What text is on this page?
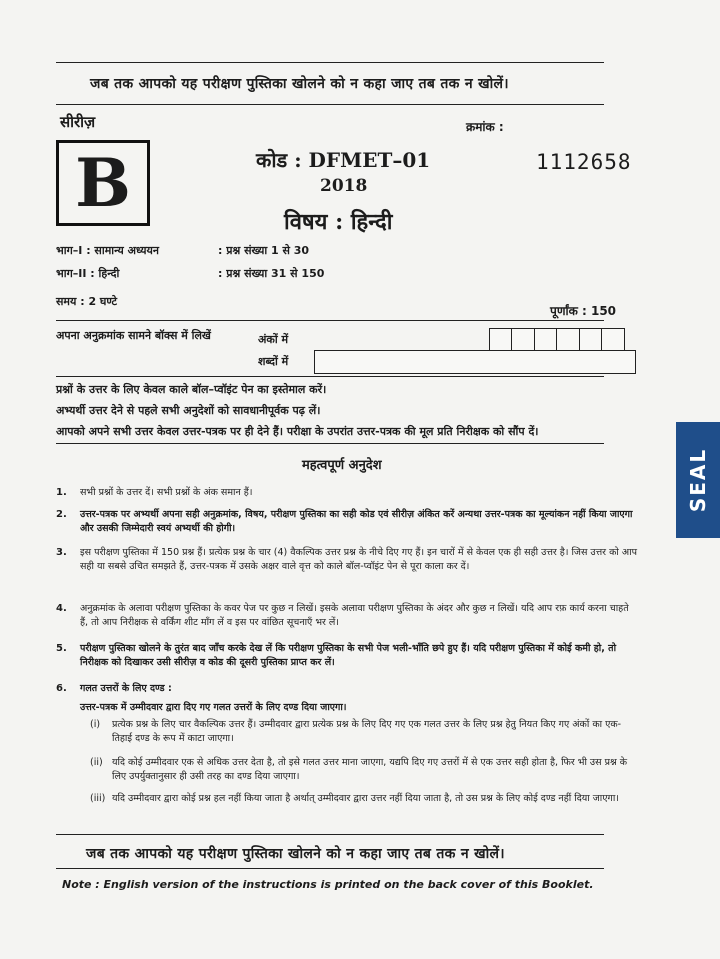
जब तक आपको यह परीक्षण पुस्तिका खोलने को न कहा जाए तब तक न खोलें।
सीरीज़
B
क्रमांक :
1112658
कोड : DFMET–01
2018
विषय : हिन्दी
भाग–I : सामान्य अध्ययन	: प्रश्न संख्या 1 से 30
भाग–II : हिन्दी	: प्रश्न संख्या 31 से 150
समय : 2 घण्टे
पूर्णांक : 150
अपना अनुक्रमांक सामने बॉक्स में लिखें	अंकों में
शब्दों में
प्रश्नों के उत्तर के लिए केवल काले बॉल–प्वॉइंट पेन का इस्तेमाल करें।
अभ्यर्थी उत्तर देने से पहले सभी अनुदेशों को सावधानीपूर्वक पढ़ लें।
आपको अपने सभी उत्तर केवल उत्तर-पत्रक पर ही देने हैं। परीक्षा के उपरांत उत्तर-पत्रक की मूल प्रति निरीक्षक को सौंप दें।
महत्वपूर्ण अनुदेश
1. सभी प्रश्नों के उत्तर दें। सभी प्रश्नों के अंक समान हैं।
2. उत्तर-पत्रक पर अभ्यर्थी अपना सही अनुक्रमांक, विषय, परीक्षण पुस्तिका का सही कोड एवं सीरीज़ अंकित करें अन्यथा उत्तर-पत्रक का मूल्यांकन नहीं किया जाएगा और उसकी जिम्मेदारी स्वयं अभ्यर्थी की होगी।
3. इस परीक्षण पुस्तिका में 150 प्रश्न हैं। प्रत्येक प्रश्न के चार (4) वैकल्पिक उत्तर प्रश्न के नीचे दिए गए हैं। इन चारों में से केवल एक ही सही उत्तर है। जिस उत्तर को आप सही या सबसे उचित समझते हैं, उत्तर-पत्रक में उसके अक्षर वाले वृत्त को काले बॉल-प्वॉइंट पेन से पूरा काला कर दें।
4. अनुक्रमांक के अलावा परीक्षण पुस्तिका के कवर पेज पर कुछ न लिखें। इसके अलावा परीक्षण पुस्तिका के अंदर और कुछ न लिखें। यदि आप रफ़ कार्य करना चाहते हैं, तो आप निरीक्षक से वर्किंग शीट माँग लें व इस पर वांछित सूचनाएँ भर लें।
5. परीक्षण पुस्तिका खोलने के तुरंत बाद जाँच करके देख लें कि परीक्षण पुस्तिका के सभी पेज भली-भाँति छपे हुए हैं। यदि परीक्षण पुस्तिका में कोई कमी हो, तो निरीक्षक को दिखाकर उसी सीरीज़ व कोड की दूसरी पुस्तिका प्राप्त कर लें।
6. गलत उत्तरों के लिए दण्ड :
उत्तर-पत्रक में उम्मीदवार द्वारा दिए गए गलत उत्तरों के लिए दण्ड दिया जाएगा।
(i) प्रत्येक प्रश्न के लिए चार वैकल्पिक उत्तर हैं। उम्मीदवार द्वारा प्रत्येक प्रश्न के लिए दिए गए एक गलत उत्तर के लिए प्रश्न हेतु नियत किए गए अंकों का एक-तिहाई दण्ड के रूप में काटा जाएगा।
(ii) यदि कोई उम्मीदवार एक से अधिक उत्तर देता है, तो इसे गलत उत्तर माना जाएगा, यद्यपि दिए गए उत्तरों में से एक उत्तर सही होता है, फिर भी उस प्रश्न के लिए उपर्युक्तानुसार ही उसी तरह का दण्ड दिया जाएगा।
(iii) यदि उम्मीदवार द्वारा कोई प्रश्न हल नहीं किया जाता है अर्थात् उम्मीदवार द्वारा उत्तर नहीं दिया जाता है, तो उस प्रश्न के लिए कोई दण्ड नहीं दिया जाएगा।
जब तक आपको यह परीक्षण पुस्तिका खोलने को न कहा जाए तब तक न खोलें।
Note : English version of the instructions is printed on the back cover of this Booklet.
SEAL
